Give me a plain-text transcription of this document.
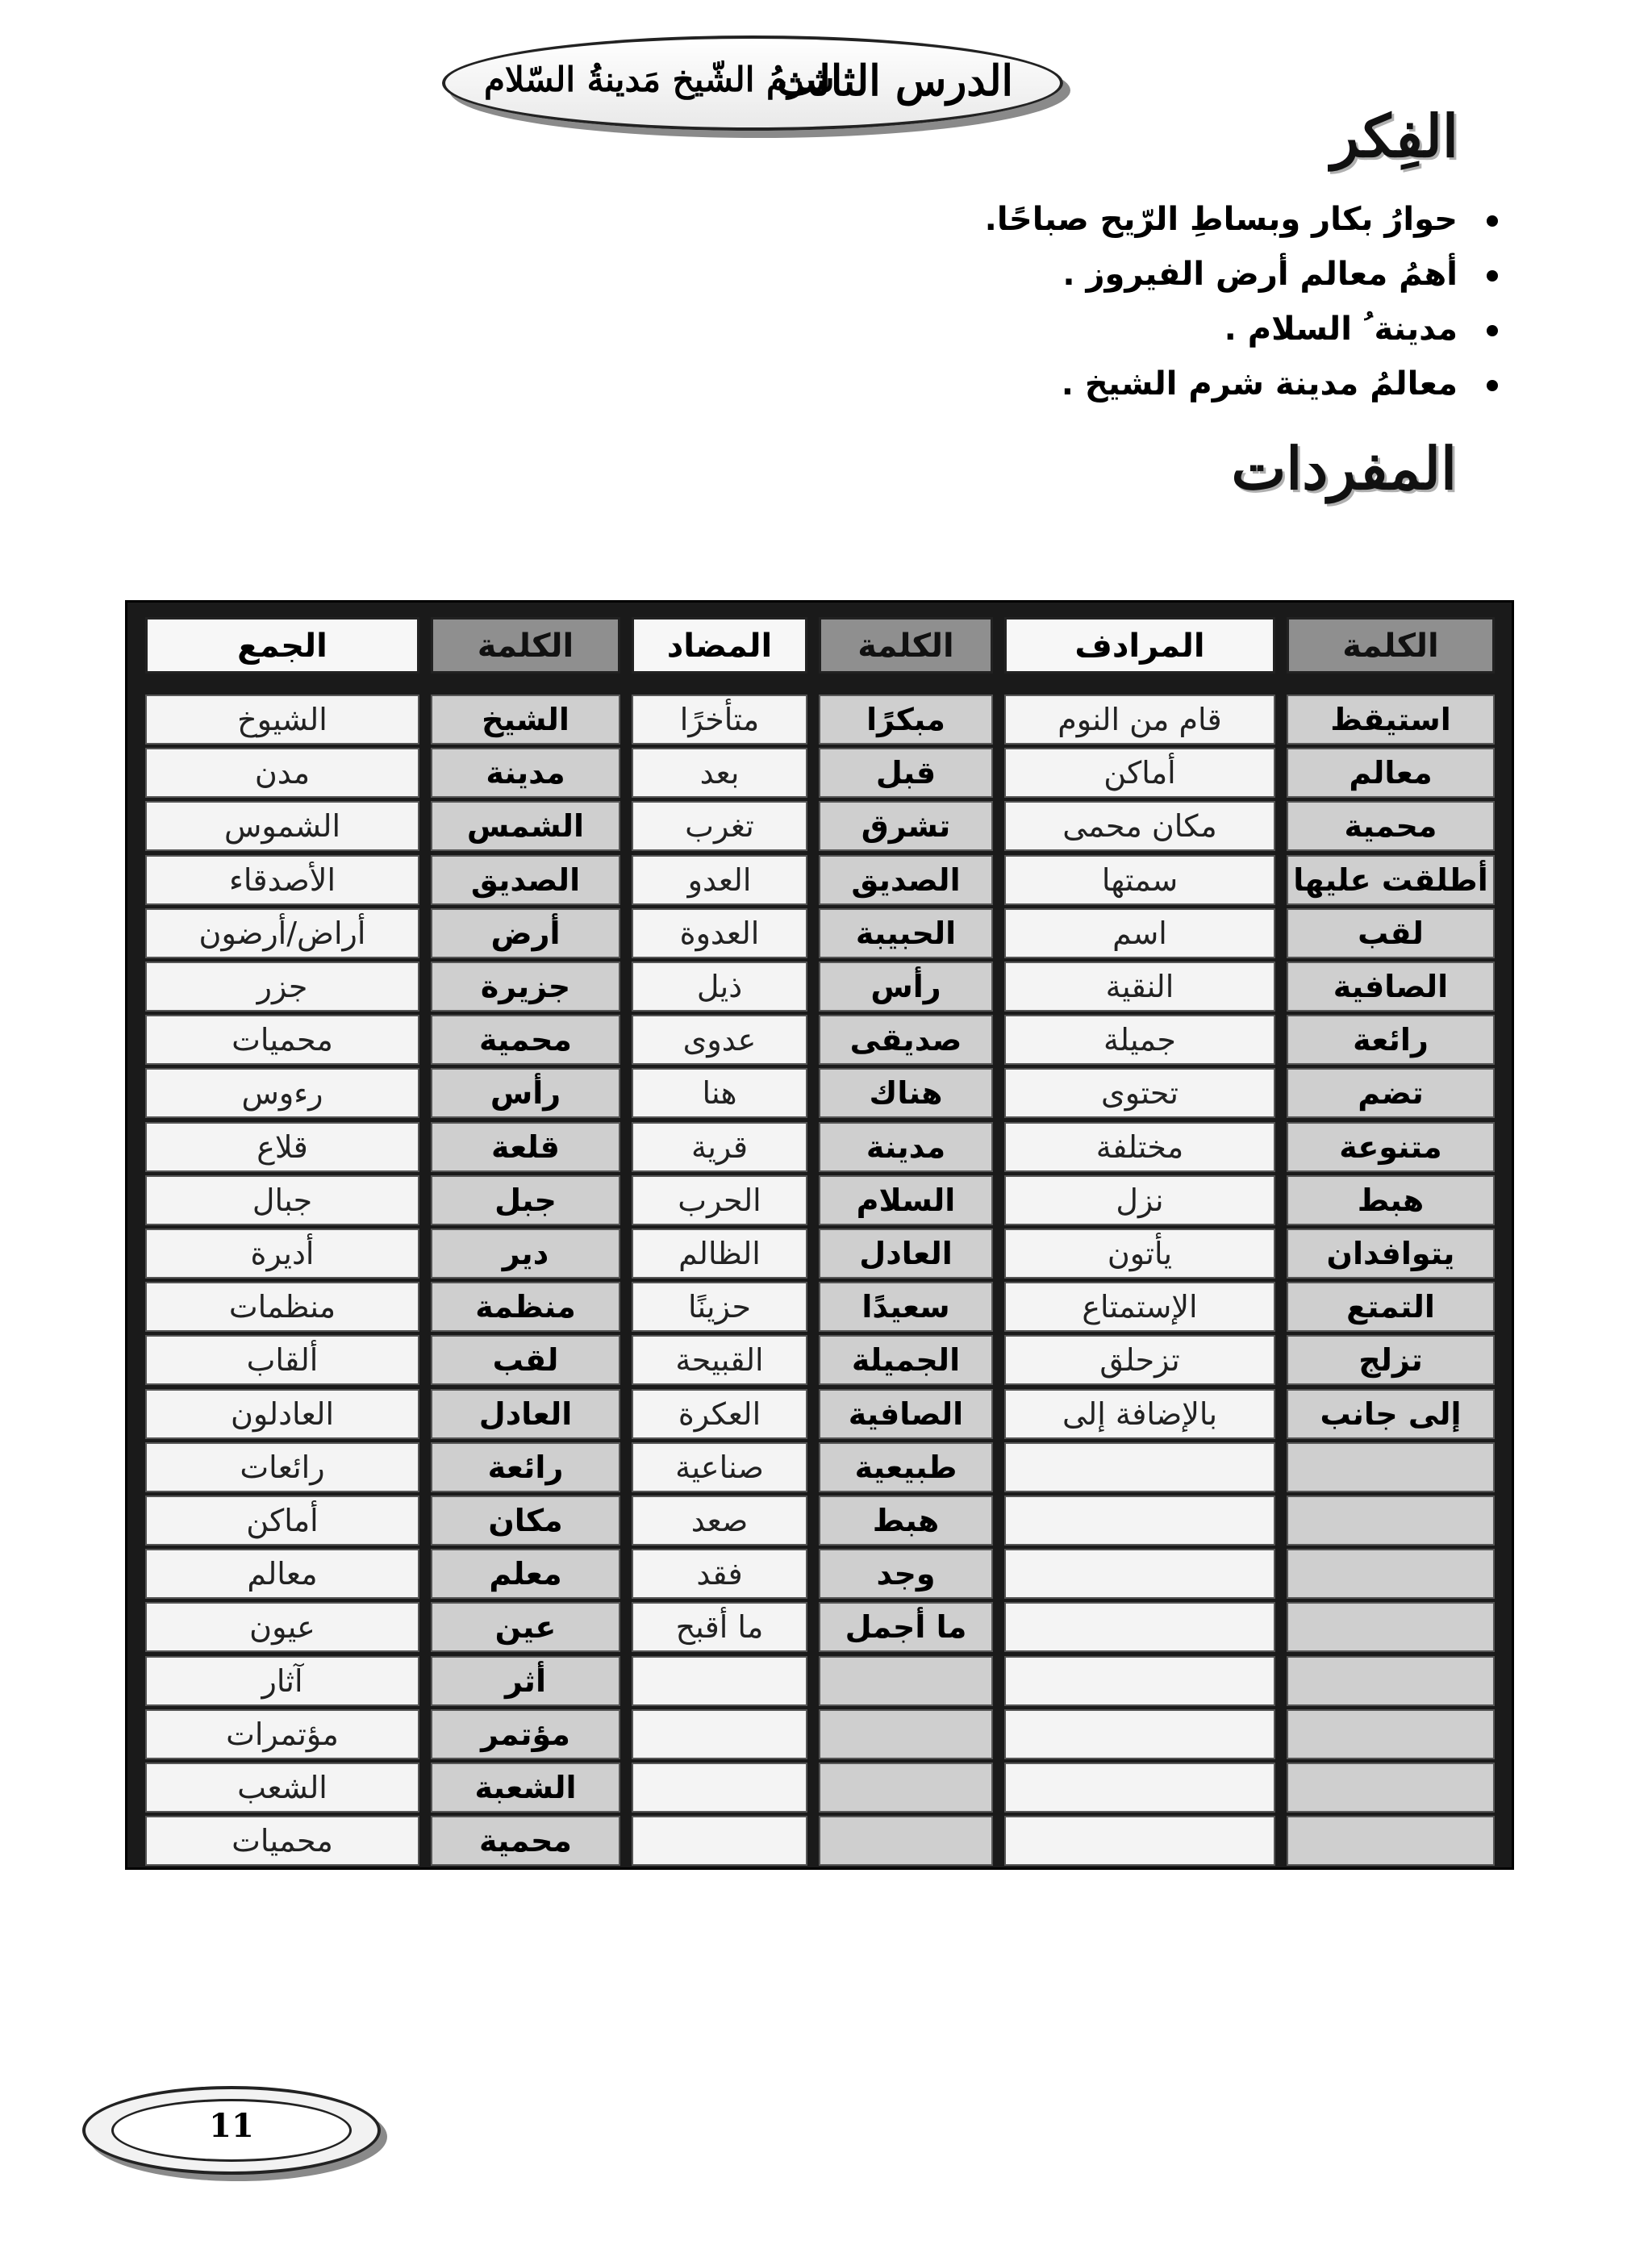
الدرس الثالث
شرمُ الشّيخ مَدينةُ السّلام
الفِكر
حوارُ بكار وبساطِ الرّيح صباحًا.
أهمُ معالم أرض الفيروز .
مدينة ُ السلام .
معالمُ مدينة شرم الشيخ .
المفردات
الكلمة
استيقظ
معالم
محمية
أطلقت عليها
لقب
الصافية
رائعة
تضم
متنوعة
هبط
يتوافدان
التمتع
تزلج
إلى جانب
المرادف
قام من النوم
أماكن
مكان محمى
سمتها
اسم
النقية
جميلة
تحتوى
مختلفة
نزل
يأتون
الإستمتاع
تزحلق
بالإضافة إلى
الكلمة
مبكرًا
قبل
تشرق
الصديق
الحبيبة
رأس
صديقى
هناك
مدينة
السلام
العادل
سعيدًا
الجميلة
الصافية
طبيعية
هبط
وجد
ما أجمل
المضاد
متأخرًا
بعد
تغرب
العدو
العدوة
ذيل
عدوى
هنا
قرية
الحرب
الظالم
حزينًا
القبيحة
العكرة
صناعية
صعد
فقد
ما أقبح
الكلمة
الشيخ
مدينة
الشمس
الصديق
أرض
جزيرة
محمية
رأس
قلعة
جبل
دير
منظمة
لقب
العادل
رائعة
مكان
معلم
عين
أثر
مؤتمر
الشعبة
محمية
الجمع
الشيوخ
مدن
الشموس
الأصدقاء
أراض/أرضون
جزر
محميات
رءوس
قلاع
جبال
أديرة
منظمات
ألقاب
العادلون
رائعات
أماكن
معالم
عيون
آثار
مؤتمرات
الشعب
محميات
11
